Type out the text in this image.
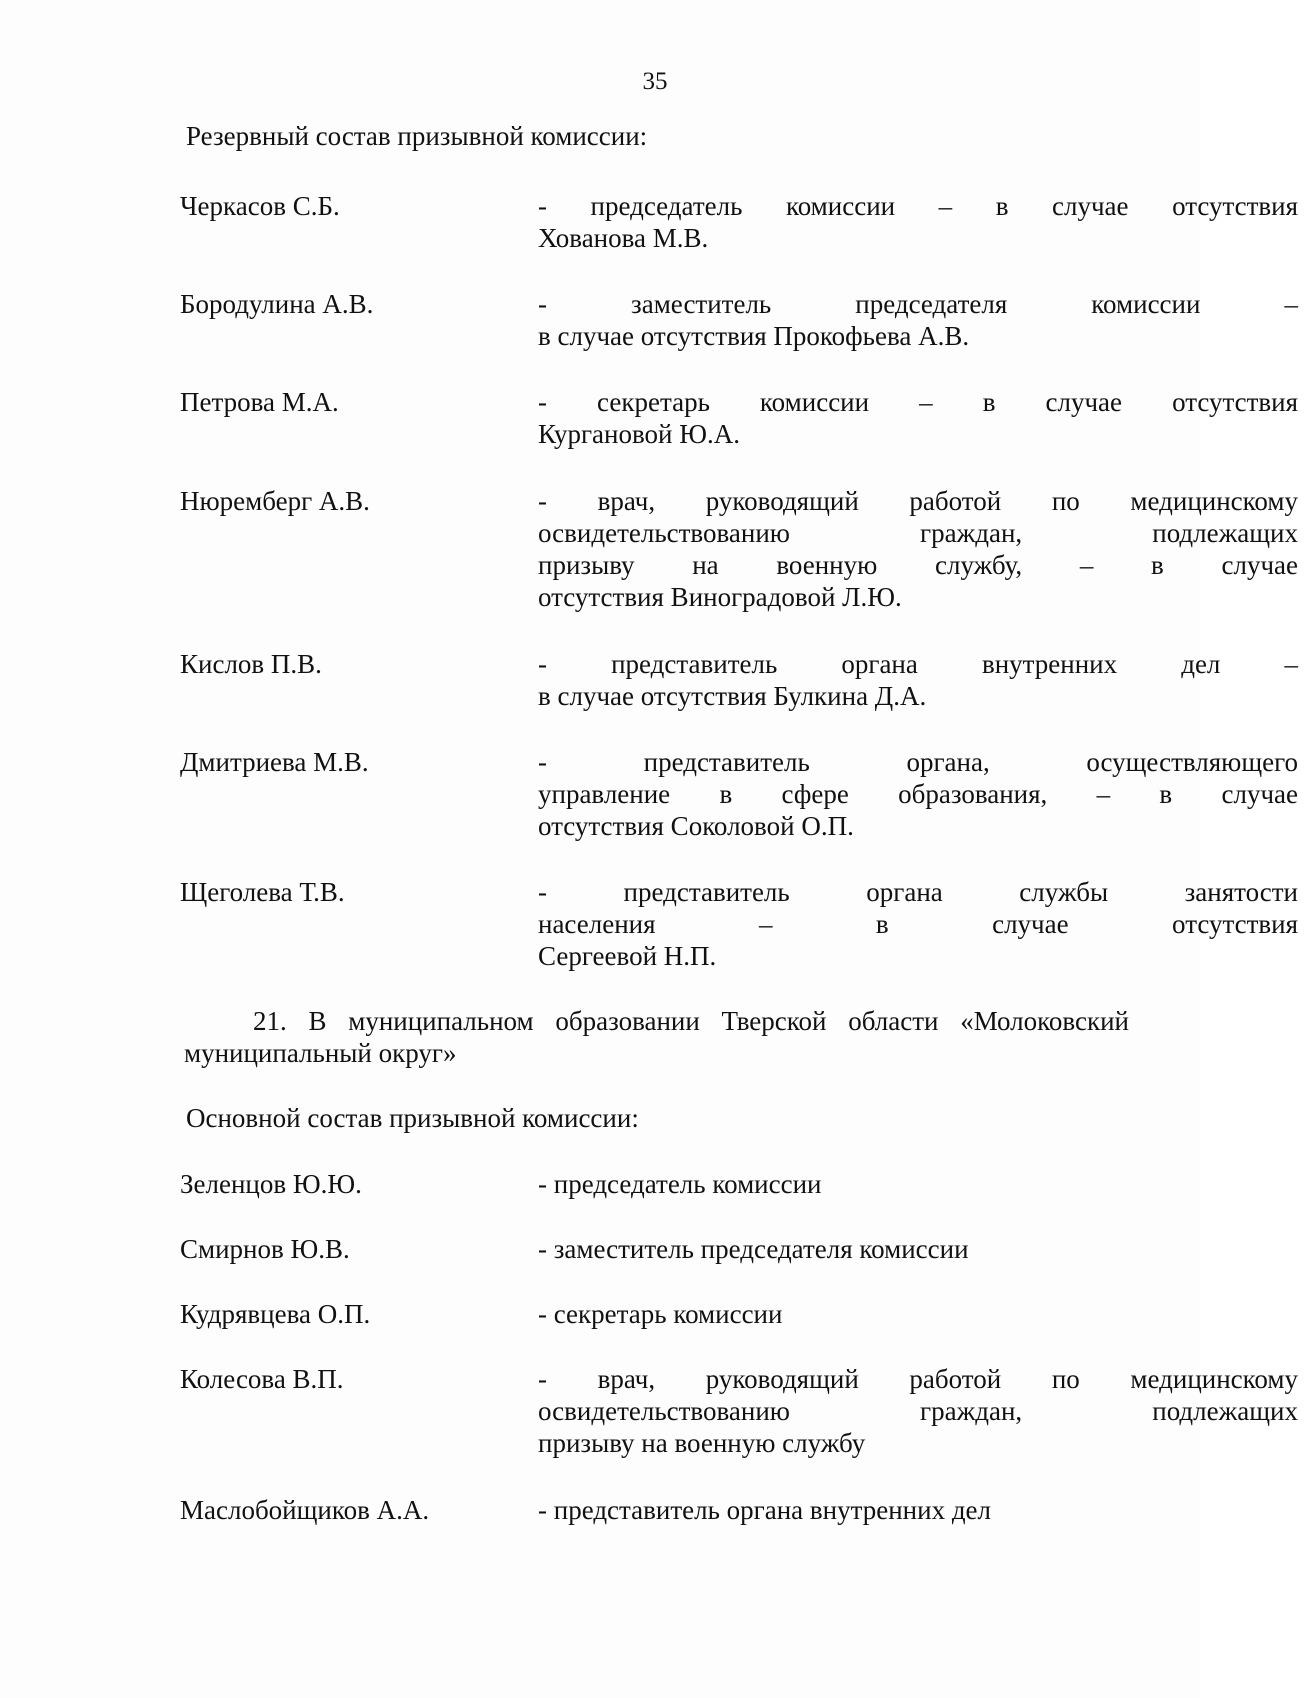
35
Резервный состав призывной комиссии:
Черкасов С.Б.	- председатель комиссии – в случае отсутствия
Хованова М.В.
Бородулина А.В.	- заместитель председателя комиссии –
в случае отсутствия Прокофьева А.В.
Петрова М.А.	- секретарь комиссии – в случае отсутствия
Кургановой Ю.А.
Нюремберг А.В.	- врач, руководящий работой по медицинскому
освидетельствованию граждан, подлежащих
призыву на военную службу, – в случае
отсутствия Виноградовой Л.Ю.
Кислов П.В.	- представитель органа внутренних дел –
в случае отсутствия Булкина Д.А.
Дмитриева М.В.	- представитель органа, осуществляющего
управление в сфере образования, – в случае
отсутствия Соколовой О.П.
Щеголева Т.В.	- представитель органа службы занятости
населения – в случае отсутствия
Сергеевой Н.П.
21. В муниципальном образовании Тверской области «Молоковский
муниципальный округ»
Основной состав призывной комиссии:
Зеленцов Ю.Ю.	- председатель комиссии
Смирнов Ю.В.	- заместитель председателя комиссии
Кудрявцева О.П.	- секретарь комиссии
Колесова В.П.	- врач, руководящий работой по медицинскому
освидетельствованию граждан, подлежащих
призыву на военную службу
Маслобойщиков А.А.	- представитель органа внутренних дел
